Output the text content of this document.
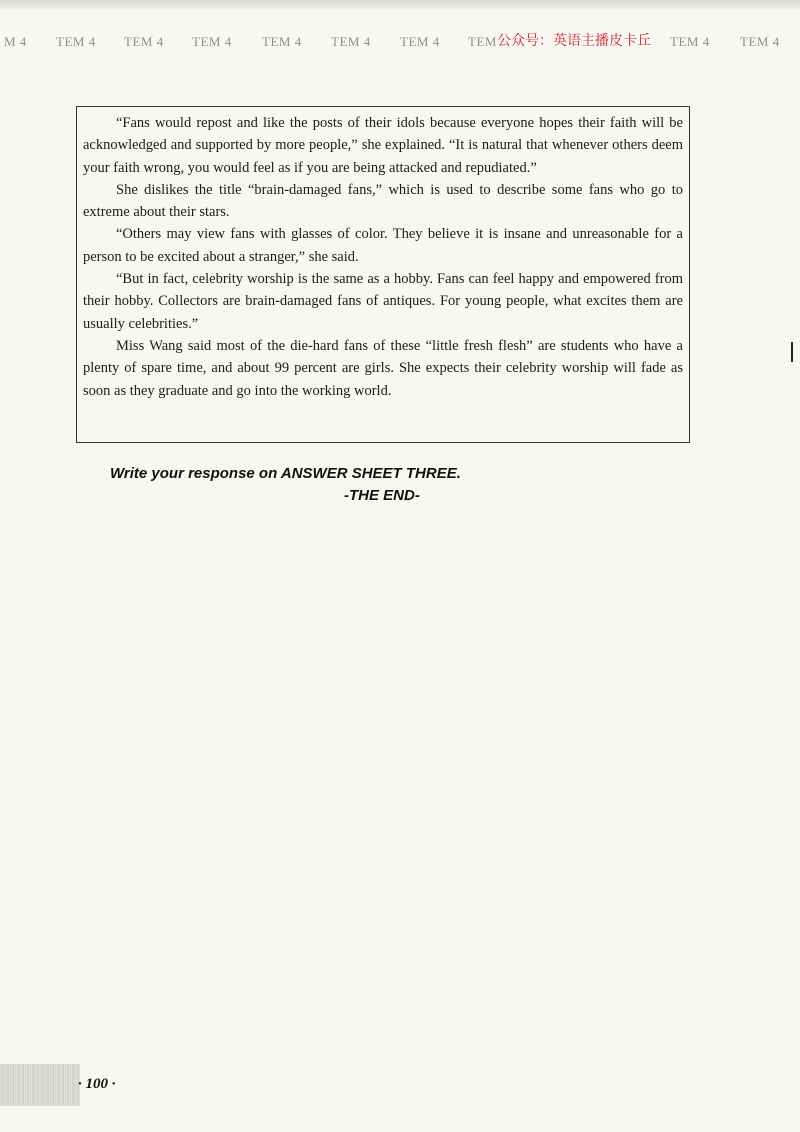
M 4 TEM 4 TEM 4 TEM 4 TEM 4 TEM 4 TEM 4 TEM	TEM 4 TEM 4
公众号：英语主播皮卡丘

“Fans would repost and like the posts of their idols because everyone hopes their faith will be acknowledged and supported by more people,” she explained. “It is natural that whenever others deem your faith wrong, you would feel as if you are being attacked and repudiated.”

She dislikes the title “brain-damaged fans,” which is used to describe some fans who go to extreme about their stars.

“Others may view fans with glasses of color. They believe it is insane and unreasonable for a person to be excited about a stranger,” she said.

“But in fact, celebrity worship is the same as a hobby. Fans can feel happy and empowered from their hobby. Collectors are brain-damaged fans of antiques. For young people, what excites them are usually celebrities.”

Miss Wang said most of the die-hard fans of these “little fresh flesh” are students who have a plenty of spare time, and about 99 percent are girls. She expects their celebrity worship will fade as soon as they graduate and go into the working world.

Write your response on ANSWER SHEET THREE.
-THE END-
· 100 ·
